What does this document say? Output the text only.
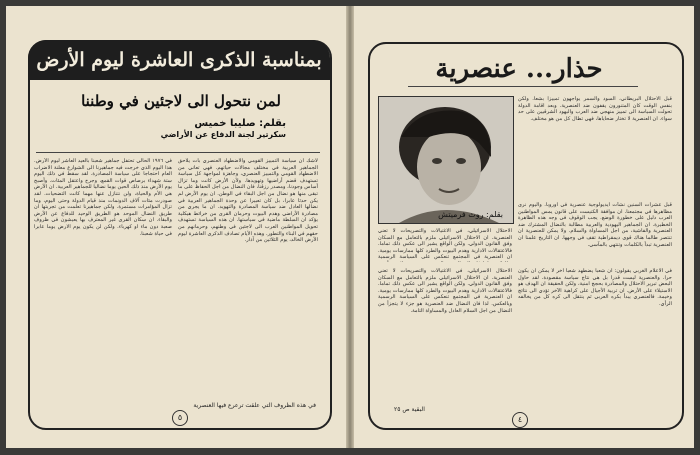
بمناسبة الذكرى العاشرة ليوم الأرض
لمن نتحول الى لاجئين في وطننا
بقلم: صليبا خميس
سكرتير لجنة الدفاع عن الأراضي
لاشك ان سياسة التمييز القومي والاضطهاد العنصري بات يلاحق الجماهير العربية في مختلف مجالات حياتهم. فهي تعاني من الاضطهاد القومي والتمييز العنصري، وجاهزة لمواجهة كل سياسة تستهدف قضم أراضيها وتهويدها. ولأن الأرض كانت وما تزال أساس وجودنا، ومصدر رزقنا، فان النضال من اجل الحفاظ على ما تبقى منها هو نضال من اجل البقاء في الوطن. ان يوم الأرض لم يكن حدثا عابرا، بل كان تعبيرا عن وحدة الجماهير العربية في نضالها العادل ضد سياسة المصادرة والتهويد. ان ما يجري من مصادرة الأراضي وهدم البيوت وحرمان القرى من خرائط هيكلية يؤكد ان السلطة ماضية في سياستها. ان هذه السياسة تستهدف تحويل المواطنين العرب الى لاجئين في وطنهم، وحرمانهم من حقهم في البناء والتطور. وهذه الأيام تصادف الذكرى العاشرة ليوم الأرض الخالد، يوم الثلاثين من آذار.
في ١٩٧٦ الحالي تحتفل جماهير شعبنا بالعيد العاشر ليوم الأرض. هذا اليوم الذي خرجت فيه جماهيرنا الى الشوارع معلنة الاضراب العام احتجاجا على سياسة المصادرة. لقد سقط في ذلك اليوم ستة شهداء برصاص قوات القمع، وجرح واعتقل المئات. وأصبح يوم الأرض منذ ذلك الحين يوما نضاليا للجماهير العربية. ان الأرض هي الأم والحياة، ولن نتنازل عنها مهما كانت التضحيات. لقد صودرت مئات آلاف الدونمات منذ قيام الدولة وحتى اليوم، وما تزال المؤامرات مستمرة. ولكن جماهيرنا تعلمت من تجربتها ان طريق النضال الموحد هو الطريق الوحيد للدفاع عن الأرض والبقاء. ان سكان القرى غير المعترف بها يعيشون في ظروف صعبة دون ماء او كهرباء. ولكن لن يكون يوم الارض يوما عابرا في حياة شعبنا.
في هذه الظروف التي علقت ترعرع فيها العنصرية
٥
حذار... عنصرية
بقلم: روث فرميتش
قبل الاحتلال البريطاني، السود والسمر يواجهون تمييزا بشعا. ولكن بنفس الوقت كان المتنورون يقفون ضد العنصرية. وبعد اقامة الدولة تحولت السياسة الى تمييز منهجي ضد العرب واليهود الشرقيين على حد سواء. ان العنصرية لا تختار ضحاياها، فهي تطال كل من هو مختلف.
قبل عشرات السنين نشأت ايديولوجية عنصرية في اوروبا. واليوم نرى مظاهرها في مجتمعنا. ان موافقة الكنيست على قانون يمس المواطنين العرب دليل على خطورة الوضع. يجب الوقوف في وجه هذه الظاهرة الخطيرة. ان الجماهير اليهودية والعربية مطالبة بالنضال المشترك ضد العنصرية والفاشية، من اجل المساواة والسلام. ولا يمكن للعنصرية ان تنتصر طالما هناك قوى ديمقراطية تقف في وجهها. ان التاريخ علمنا ان العنصرية تبدأ بالكلمات وتنتهي بالمآسي.
الاحتلال الاسرائيلي، في الاغتيالات والتصريحات لا تعني العنصرية. ان الاحتلال الاسرائيلي ملزم بالتعامل مع السكان وفق القانون الدولي. ولكن الواقع يشير الى عكس ذلك تماما. فالاعتقالات الادارية وهدم البيوت والطرد كلها ممارسات يومية. ان العنصرية في المجتمع تنعكس على السياسة الرسمية
في الاعلام الغربي يقولون: ان شعبا يضطهد شعبا آخر لا يمكن ان يكون حرا. والعنصرية ليست قدرا بل هي نتاج سياسة مقصودة. لقد حاول البعض تبرير الاحتلال والمصادرة بحجج امنية، ولكن الحقيقة ان الهدف هو الاستيلاء على الأرض. ان تربية الأجيال على كراهية الآخر تؤدي الى نتائج وخيمة. فالعنصري يبدأ بكره العربي ثم ينتقل الى كره كل من يخالفه الرأي.
الاحتلال الاسرائيلي، في الاغتيالات والتصريحات لا تعني العنصرية. ان الاحتلال الاسرائيلي ملزم بالتعامل مع السكان وفق القانون الدولي. ولكن الواقع يشير الى عكس ذلك تماما. فالاعتقالات الادارية وهدم البيوت والطرد كلها ممارسات يومية. ان العنصرية في المجتمع تنعكس على السياسة الرسمية وبالعكس. لذا فان النضال ضد العنصرية هو جزء لا يتجزأ من النضال من اجل السلام العادل والمساواة التامة.
البقية ص ٢٥
٤
